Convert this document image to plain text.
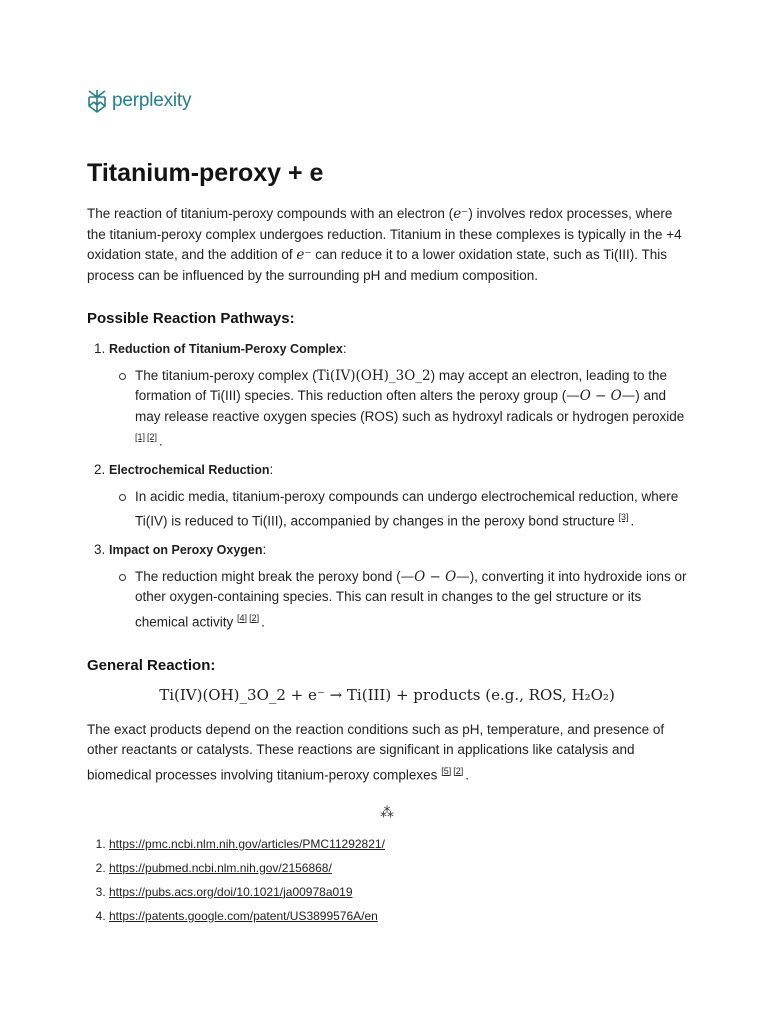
perplexity
Titanium-peroxy + e

The reaction of titanium-peroxy compounds with an electron (e⁻) involves redox processes, where the titanium-peroxy complex undergoes reduction. Titanium in these complexes is typically in the +4 oxidation state, and the addition of e⁻ can reduce it to a lower oxidation state, such as Ti(III). This process can be influenced by the surrounding pH and medium composition.

Possible Reaction Pathways:
1. Reduction of Titanium-Peroxy Complex:
The titanium-peroxy complex (Ti(IV)(OH)_3O_2) may accept an electron, leading to the formation of Ti(III) species. This reduction often alters the peroxy group (—O − O—) and may release reactive oxygen species (ROS) such as hydroxyl radicals or hydrogen peroxide [1] [2] .
2. Electrochemical Reduction:
In acidic media, titanium-peroxy compounds can undergo electrochemical reduction, where Ti(IV) is reduced to Ti(III), accompanied by changes in the peroxy bond structure [3] .
3. Impact on Peroxy Oxygen:
The reduction might break the peroxy bond (—O − O—), converting it into hydroxide ions or other oxygen-containing species. This can result in changes to the gel structure or its chemical activity [4] [2] .
General Reaction:
Ti(IV)(OH)_3O_2 + e⁻ → Ti(III) + products (e.g., ROS, H₂O₂)

The exact products depend on the reaction conditions such as pH, temperature, and presence of other reactants or catalysts. These reactions are significant in applications like catalysis and biomedical processes involving titanium-peroxy complexes [5] [2] .

⁂
1. https://pmc.ncbi.nlm.nih.gov/articles/PMC11292821/
2. https://pubmed.ncbi.nlm.nih.gov/2156868/
3. https://pubs.acs.org/doi/10.1021/ja00978a019
4. https://patents.google.com/patent/US3899576A/en
